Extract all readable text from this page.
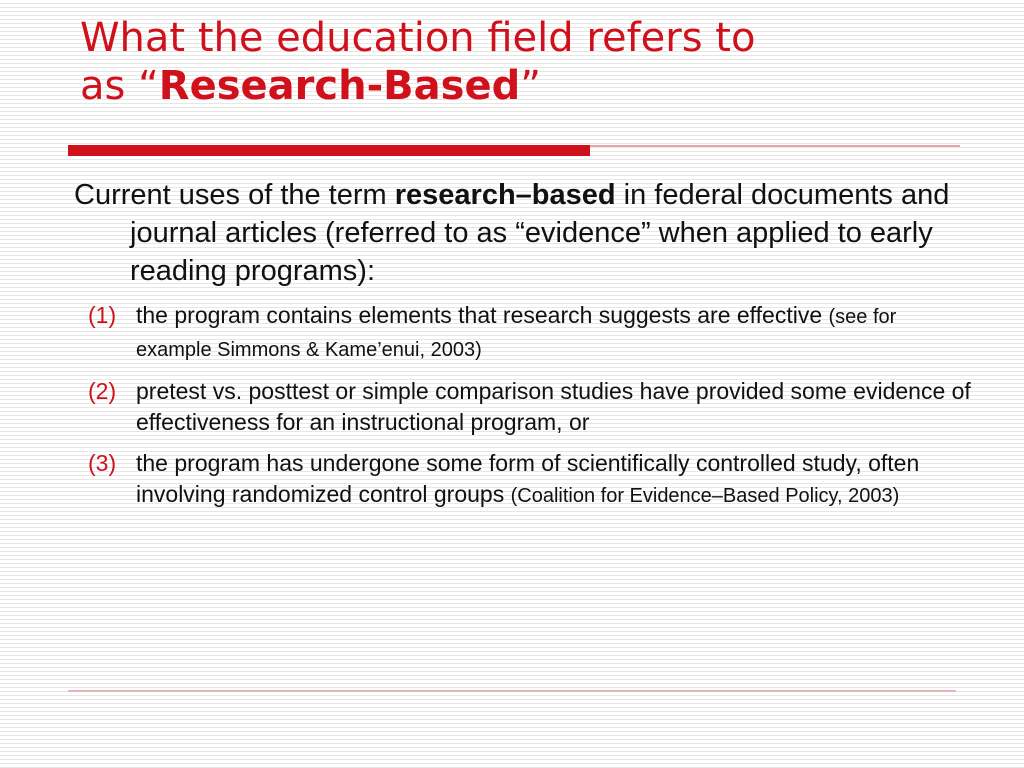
What the education field refers to
as “Research-Based”

Current uses of the term research–based in federal documents and journal articles (referred to as “evidence” when applied to early reading programs):

(1) the program contains elements that research suggests are effective (see for example Simmons & Kame’enui, 2003)
(2) pretest vs. posttest or simple comparison studies have provided some evidence of effectiveness for an instructional program, or
(3) the program has undergone some form of scientifically controlled study, often involving randomized control groups (Coalition for Evidence–Based Policy, 2003)
